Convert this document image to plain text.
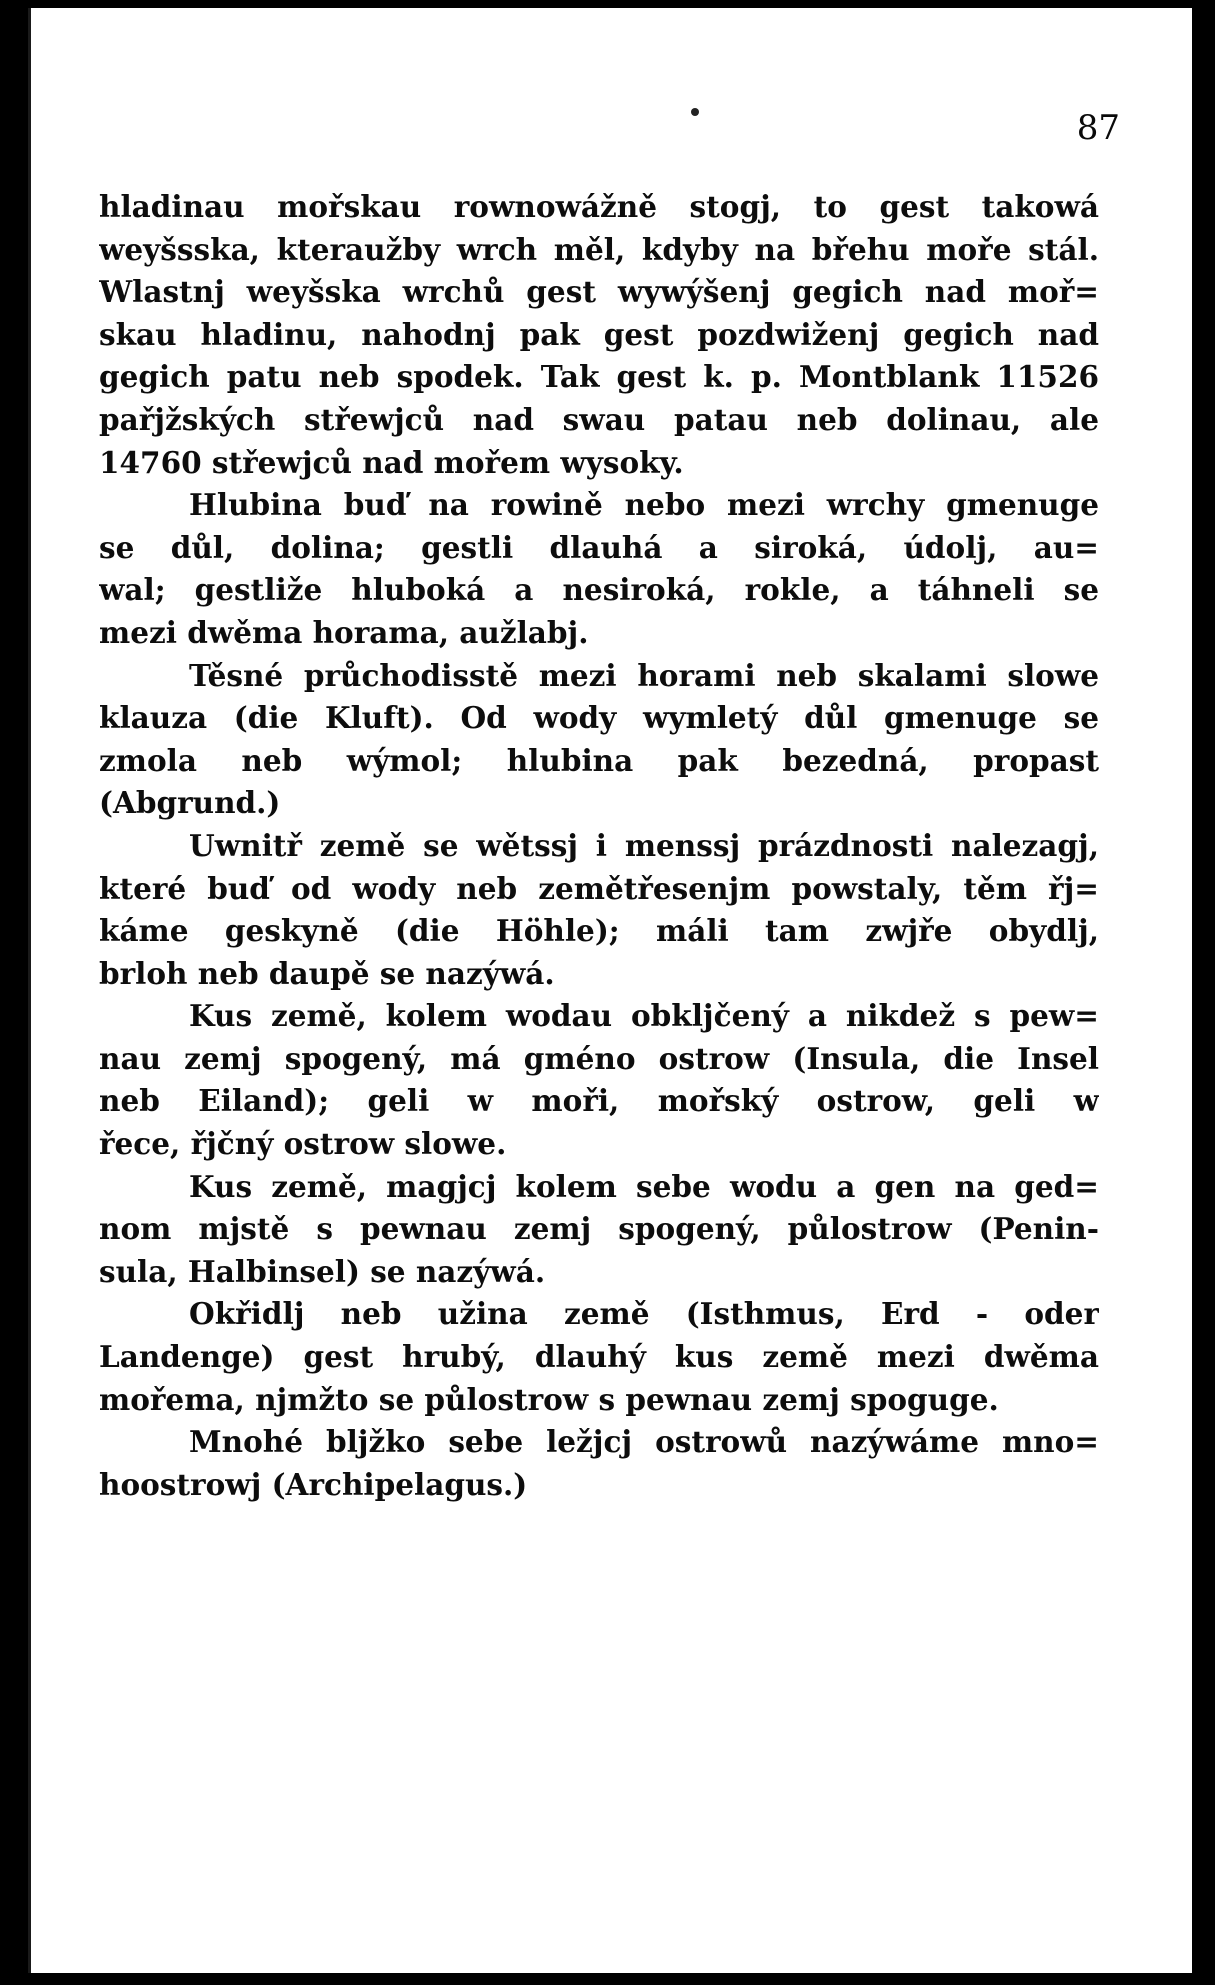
87
hladinau mořskau rownowážně stogj, to gest takowá
weyšsska, kteraužby wrch měl, kdyby na břehu moře stál.
Wlastnj weyšska wrchů gest wywýšenj gegich nad moř=
skau hladinu, nahodnj pak gest pozdwiženj gegich nad
gegich patu neb spodek. Tak gest k. p. Montblank 11526
pařjžských střewjců nad swau patau neb dolinau, ale
14760 střewjců nad mořem wysoky.
Hlubina buď na rowině nebo mezi wrchy gmenuge
se důl, dolina; gestli dlauhá a siroká, údolj, au=
wal; gestliže hluboká a nesiroká, rokle, a táhneli se
mezi dwěma horama, aužlabj.
Těsné průchodisstě mezi horami neb skalami slowe
klauza (die Kluft). Od wody wymletý důl gmenuge se
zmola neb wýmol; hlubina pak bezedná, propast
(Abgrund.)
Uwnitř země se wětssj i menssj prázdnosti nalezagj,
které buď od wody neb zemětřesenjm powstaly, těm řj=
káme geskyně (die Höhle); máli tam zwjře obydlj,
brloh neb daupě se nazýwá.
Kus země, kolem wodau obkljčený a nikdež s pew=
nau zemj spogený, má gméno ostrow (Insula, die Insel
neb Eiland); geli w moři, mořský ostrow, geli w
řece, řjčný ostrow slowe.
Kus země, magjcj kolem sebe wodu a gen na ged=
nom mjstě s pewnau zemj spogený, půlostrow (Penin-
sula, Halbinsel) se nazýwá.
Okřidlj neb užina země (Isthmus, Erd - oder
Landenge) gest hrubý, dlauhý kus země mezi dwěma
mořema, njmžto se půlostrow s pewnau zemj spoguge.
Mnohé bljžko sebe ležjcj ostrowů nazýwáme mno=
hoostrowj (Archipelagus.)
